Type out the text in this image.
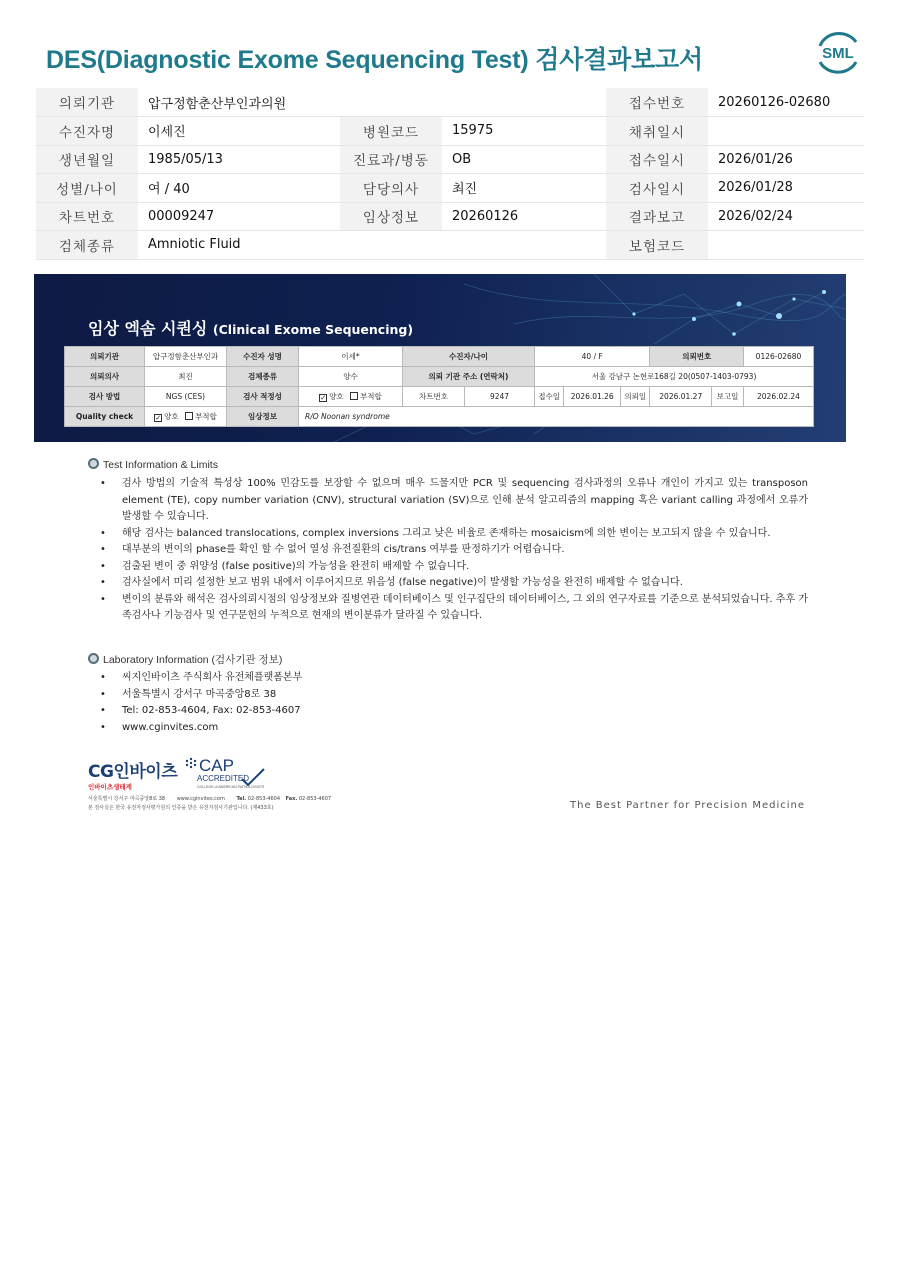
DES(Diagnostic Exome Sequencing Test) 검사결과보고서	SML
의뢰기관	압구정함춘산부인과의원			접수번호	20260126-02680
수진자명	이세진	병원코드	15975	채취일시	
생년월일	1985/05/13	진료과/병동	OB	접수일시	2026/01/26
성별/나이	여 / 40	담당의사	최진	검사일시	2026/01/28
차트번호	00009247	임상정보	20260126	결과보고	2026/02/24
검체종류	Amniotic Fluid			보험코드	
임상 엑솜 시퀀싱 (Clinical Exome Sequencing)
의뢰기관	압구정함춘산부인과	수진자 성명	이세*	수진자/나이		40 / F			의뢰번호		0126-02680
의뢰의사	최진	검체종류	양수	의뢰 기관 주소 (연락처)		서울 강남구 논현로168길 20(0507-1403-0793)					
검사 방법	NGS (CES)	검사 적정성	✓ 양호 부적합	차트번호	9247	접수일	2026.01.26	의뢰일	2026.01.27	보고일	2026.02.24
Quality check	✓ 양호 부적합	임상정보	R/O Noonan syndrome								
Test Information & Limits
• 검사 방법의 기술적 특성상 100% 민감도를 보장할 수 없으며 매우 드물지만 PCR 및 sequencing 검사과정의 오류나 개인이 가지고 있는 transposon element (TE), copy number variation (CNV), structural variation (SV)으로 인해 분석 알고리즘의 mapping 혹은 variant calling 과정에서 오류가 발생할 수 있습니다.
• 해당 검사는 balanced translocations, complex inversions 그리고 낮은 비율로 존재하는 mosaicism에 의한 변이는 보고되지 않을 수 있습니다.
• 대부분의 변이의 phase를 확인 할 수 없어 열성 유전질환의 cis/trans 여부를 판정하기가 어렵습니다.
• 검출된 변이 중 위양성 (false positive)의 가능성을 완전히 배제할 수 없습니다.
• 검사실에서 미리 설정한 보고 범위 내에서 이루어지므로 위음성 (false negative)이 발생할 가능성을 완전히 배제할 수 없습니다.
• 변이의 분류와 해석은 검사의뢰시점의 임상정보와 질병연관 데이터베이스 및 인구집단의 데이터베이스, 그 외의 연구자료를 기준으로 분석되었습니다. 추후 가족검사나 기능검사 및 연구문헌의 누적으로 현재의 변이분류가 달라질 수 있습니다.
Laboratory Information (검사기관 정보)
• 씨지인바이츠 주식회사 유전체플랫폼본부
• 서울특별시 강서구 마곡중앙8로 38
• Tel: 02-853-4604, Fax: 02-853-4607
• www.cginvites.com
CG인바이츠
인바이츠생태계
CAP
ACCREDITED
COLLEGE of AMERICAN PATHOLOGISTS
서울특별시 강서구 마곡중앙8로 38 www.cginvites.com Tel. 02-853-4604 Fax. 02-853-4607
본 검사실은 한국 유전자검사평가원의 인증을 받은 유전자검사기관입니다. (제433호)	The Best Partner for Precision Medicine
